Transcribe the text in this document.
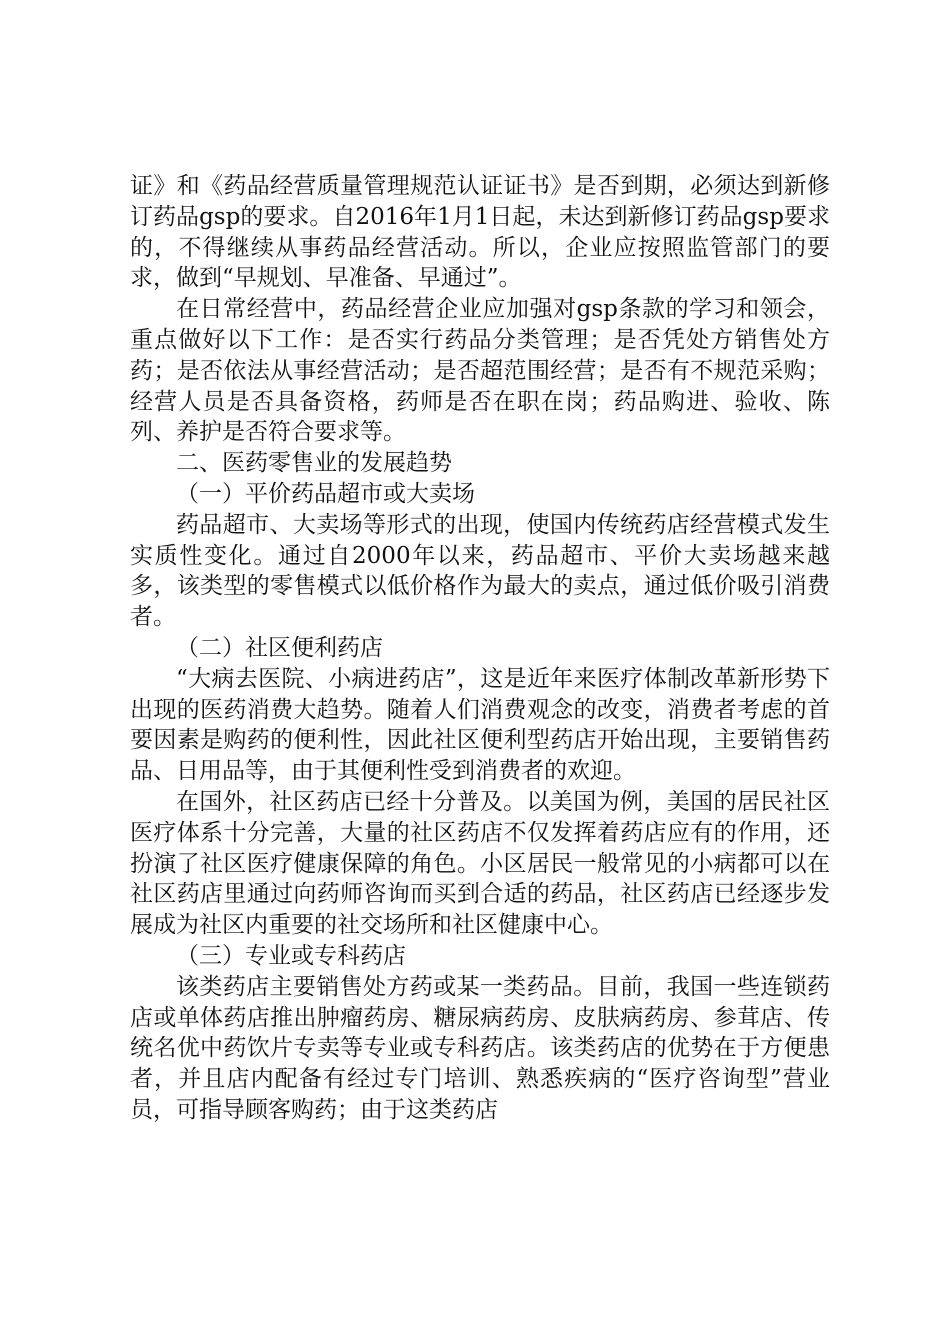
证》和《药品经营质量管理规范认证证书》是否到期，必须达到新修订药品gsp的要求。自2016年1月1日起，未达到新修订药品gsp要求的，不得继续从事药品经营活动。所以，企业应按照监管部门的要求，做到“早规划、早准备、早通过”。

在日常经营中，药品经营企业应加强对gsp条款的学习和领会，重点做好以下工作：是否实行药品分类管理；是否凭处方销售处方药；是否依法从事经营活动；是否超范围经营；是否有不规范采购；经营人员是否具备资格，药师是否在职在岗；药品购进、验收、陈列、养护是否符合要求等。

二、医药零售业的发展趋势

（一）平价药品超市或大卖场

药品超市、大卖场等形式的出现，使国内传统药店经营模式发生实质性变化。通过自2000年以来，药品超市、平价大卖场越来越多，该类型的零售模式以低价格作为最大的卖点，通过低价吸引消费者。

（二）社区便利药店

“大病去医院、小病进药店”，这是近年来医疗体制改革新形势下出现的医药消费大趋势。随着人们消费观念的改变，消费者考虑的首要因素是购药的便利性，因此社区便利型药店开始出现，主要销售药品、日用品等，由于其便利性受到消费者的欢迎。

在国外，社区药店已经十分普及。以美国为例，美国的居民社区医疗体系十分完善，大量的社区药店不仅发挥着药店应有的作用，还扮演了社区医疗健康保障的角色。小区居民一般常见的小病都可以在社区药店里通过向药师咨询而买到合适的药品，社区药店已经逐步发展成为社区内重要的社交场所和社区健康中心。

（三）专业或专科药店

该类药店主要销售处方药或某一类药品。目前，我国一些连锁药店或单体药店推出肿瘤药房、糖尿病药房、皮肤病药房、参茸店、传统名优中药饮片专卖等专业或专科药店。该类药店的优势在于方便患者，并且店内配备有经过专门培训、熟悉疾病的“医疗咨询型”营业员，可指导顾客购药；由于这类药店
